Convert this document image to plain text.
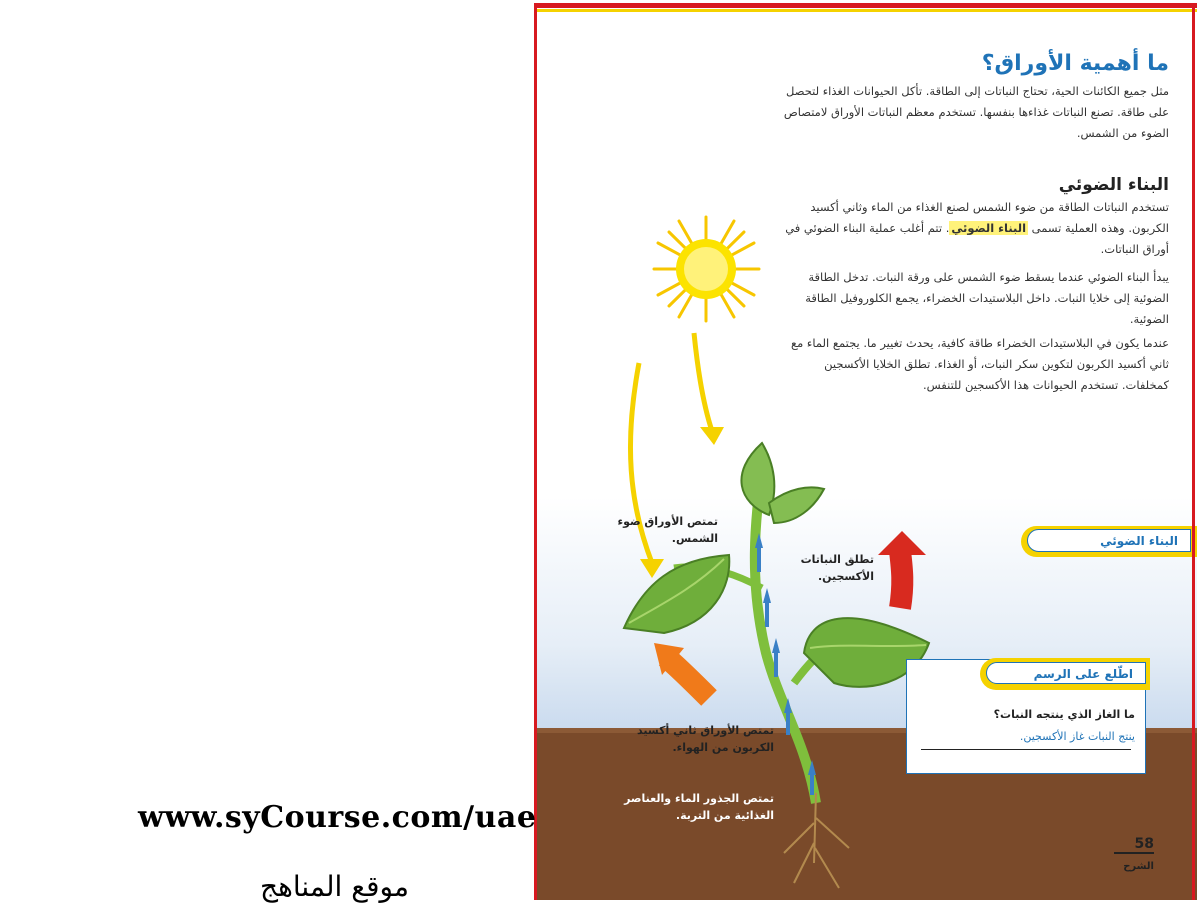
ما أهمية الأوراق؟
مثل جميع الكائنات الحية، تحتاج النباتات إلى الطاقة. تأكل الحيوانات الغذاء لتحصل على طاقة. تصنع النباتات غذاءها بنفسها. تستخدم معظم النباتات الأوراق لامتصاص الضوء من الشمس.
البناء الضوئي
تستخدم النباتات الطاقة من ضوء الشمس لصنع الغذاء من الماء وثاني أكسيد الكربون. وهذه العملية تسمى البناء الضوئي. تتم أغلب عملية البناء الضوئي في أوراق النباتات.
يبدأ البناء الضوئي عندما يسقط ضوء الشمس على ورقة النبات. تدخل الطاقة الضوئية إلى خلايا النبات. داخل البلاستيدات الخضراء، يجمع الكلوروفيل الطاقة الضوئية.
عندما يكون في البلاستيدات الخضراء طاقة كافية، يحدث تغيير ما. يجتمع الماء مع ثاني أكسيد الكربون لتكوين سكر النبات، أو الغذاء. تطلق الخلايا الأكسجين كمخلفات. تستخدم الحيوانات هذا الأكسجين للتنفس.
البناء الضوئي
اطّلع على الرسم
ما الغاز الذي ينتجه النبات؟
ينتج النبات غاز الأكسجين.
تمتص الأوراق ضوء الشمس.
تطلق النباتات الأكسجين.
تمتص الأوراق ثاني أكسيد الكربون من الهواء.
تمتص الجذور الماء والعناصر الغذائية من التربة.
58
الشرح
www.syCourse.com/uae
موقع المناهج
